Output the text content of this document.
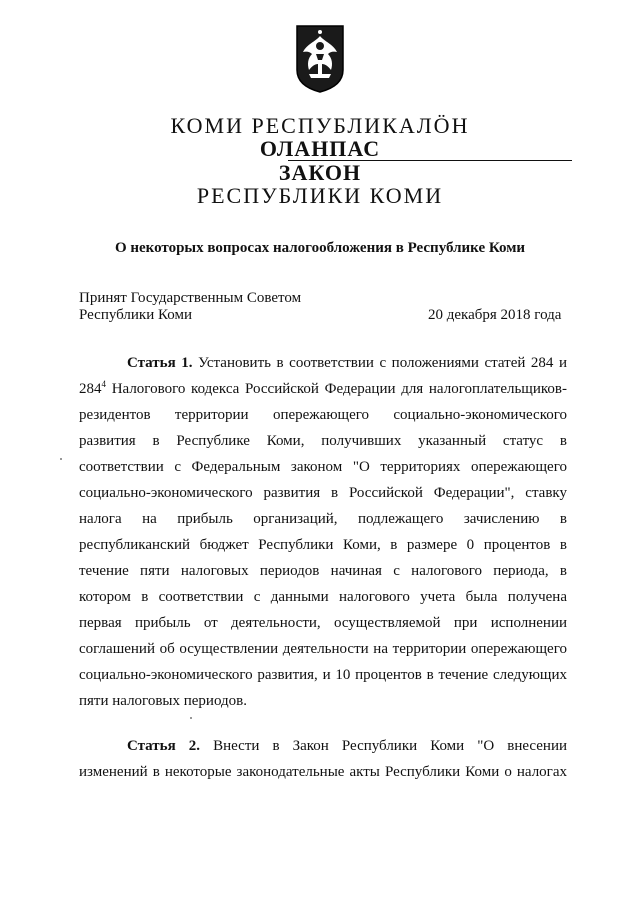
КОМИ РЕСПУБЛИКАЛÖН
ОЛАНПАС
ЗАКОН
РЕСПУБЛИКИ КОМИ
О некоторых вопросах налогообложения в Республике Коми
Принят Государственным Советом
Республики Коми	20 декабря 2018 года
Статья 1. Установить в соответствии с положениями статей 284 и
$284^4$ Налогового кодекса Российской Федерации для налогоплательщиков-
резидентов территории опережающего социально-экономического
развития в Республике Коми, получивших указанный статус в
соответствии с Федеральным законом "О территориях опережающего
социально-экономического развития в Российской Федерации", ставку
налога на прибыль организаций, подлежащего зачислению в
республиканский бюджет Республики Коми, в размере 0 процентов в
течение пяти налоговых периодов начиная с налогового периода, в
котором в соответствии с данными налогового учета была получена
первая прибыль от деятельности, осуществляемой при исполнении
соглашений об осуществлении деятельности на территории опережающего
социально-экономического развития, и 10 процентов в течение следующих
пяти налоговых периодов.
Статья 2. Внести в Закон Республики Коми "О внесении
изменений в некоторые законодательные акты Республики Коми о налогах
